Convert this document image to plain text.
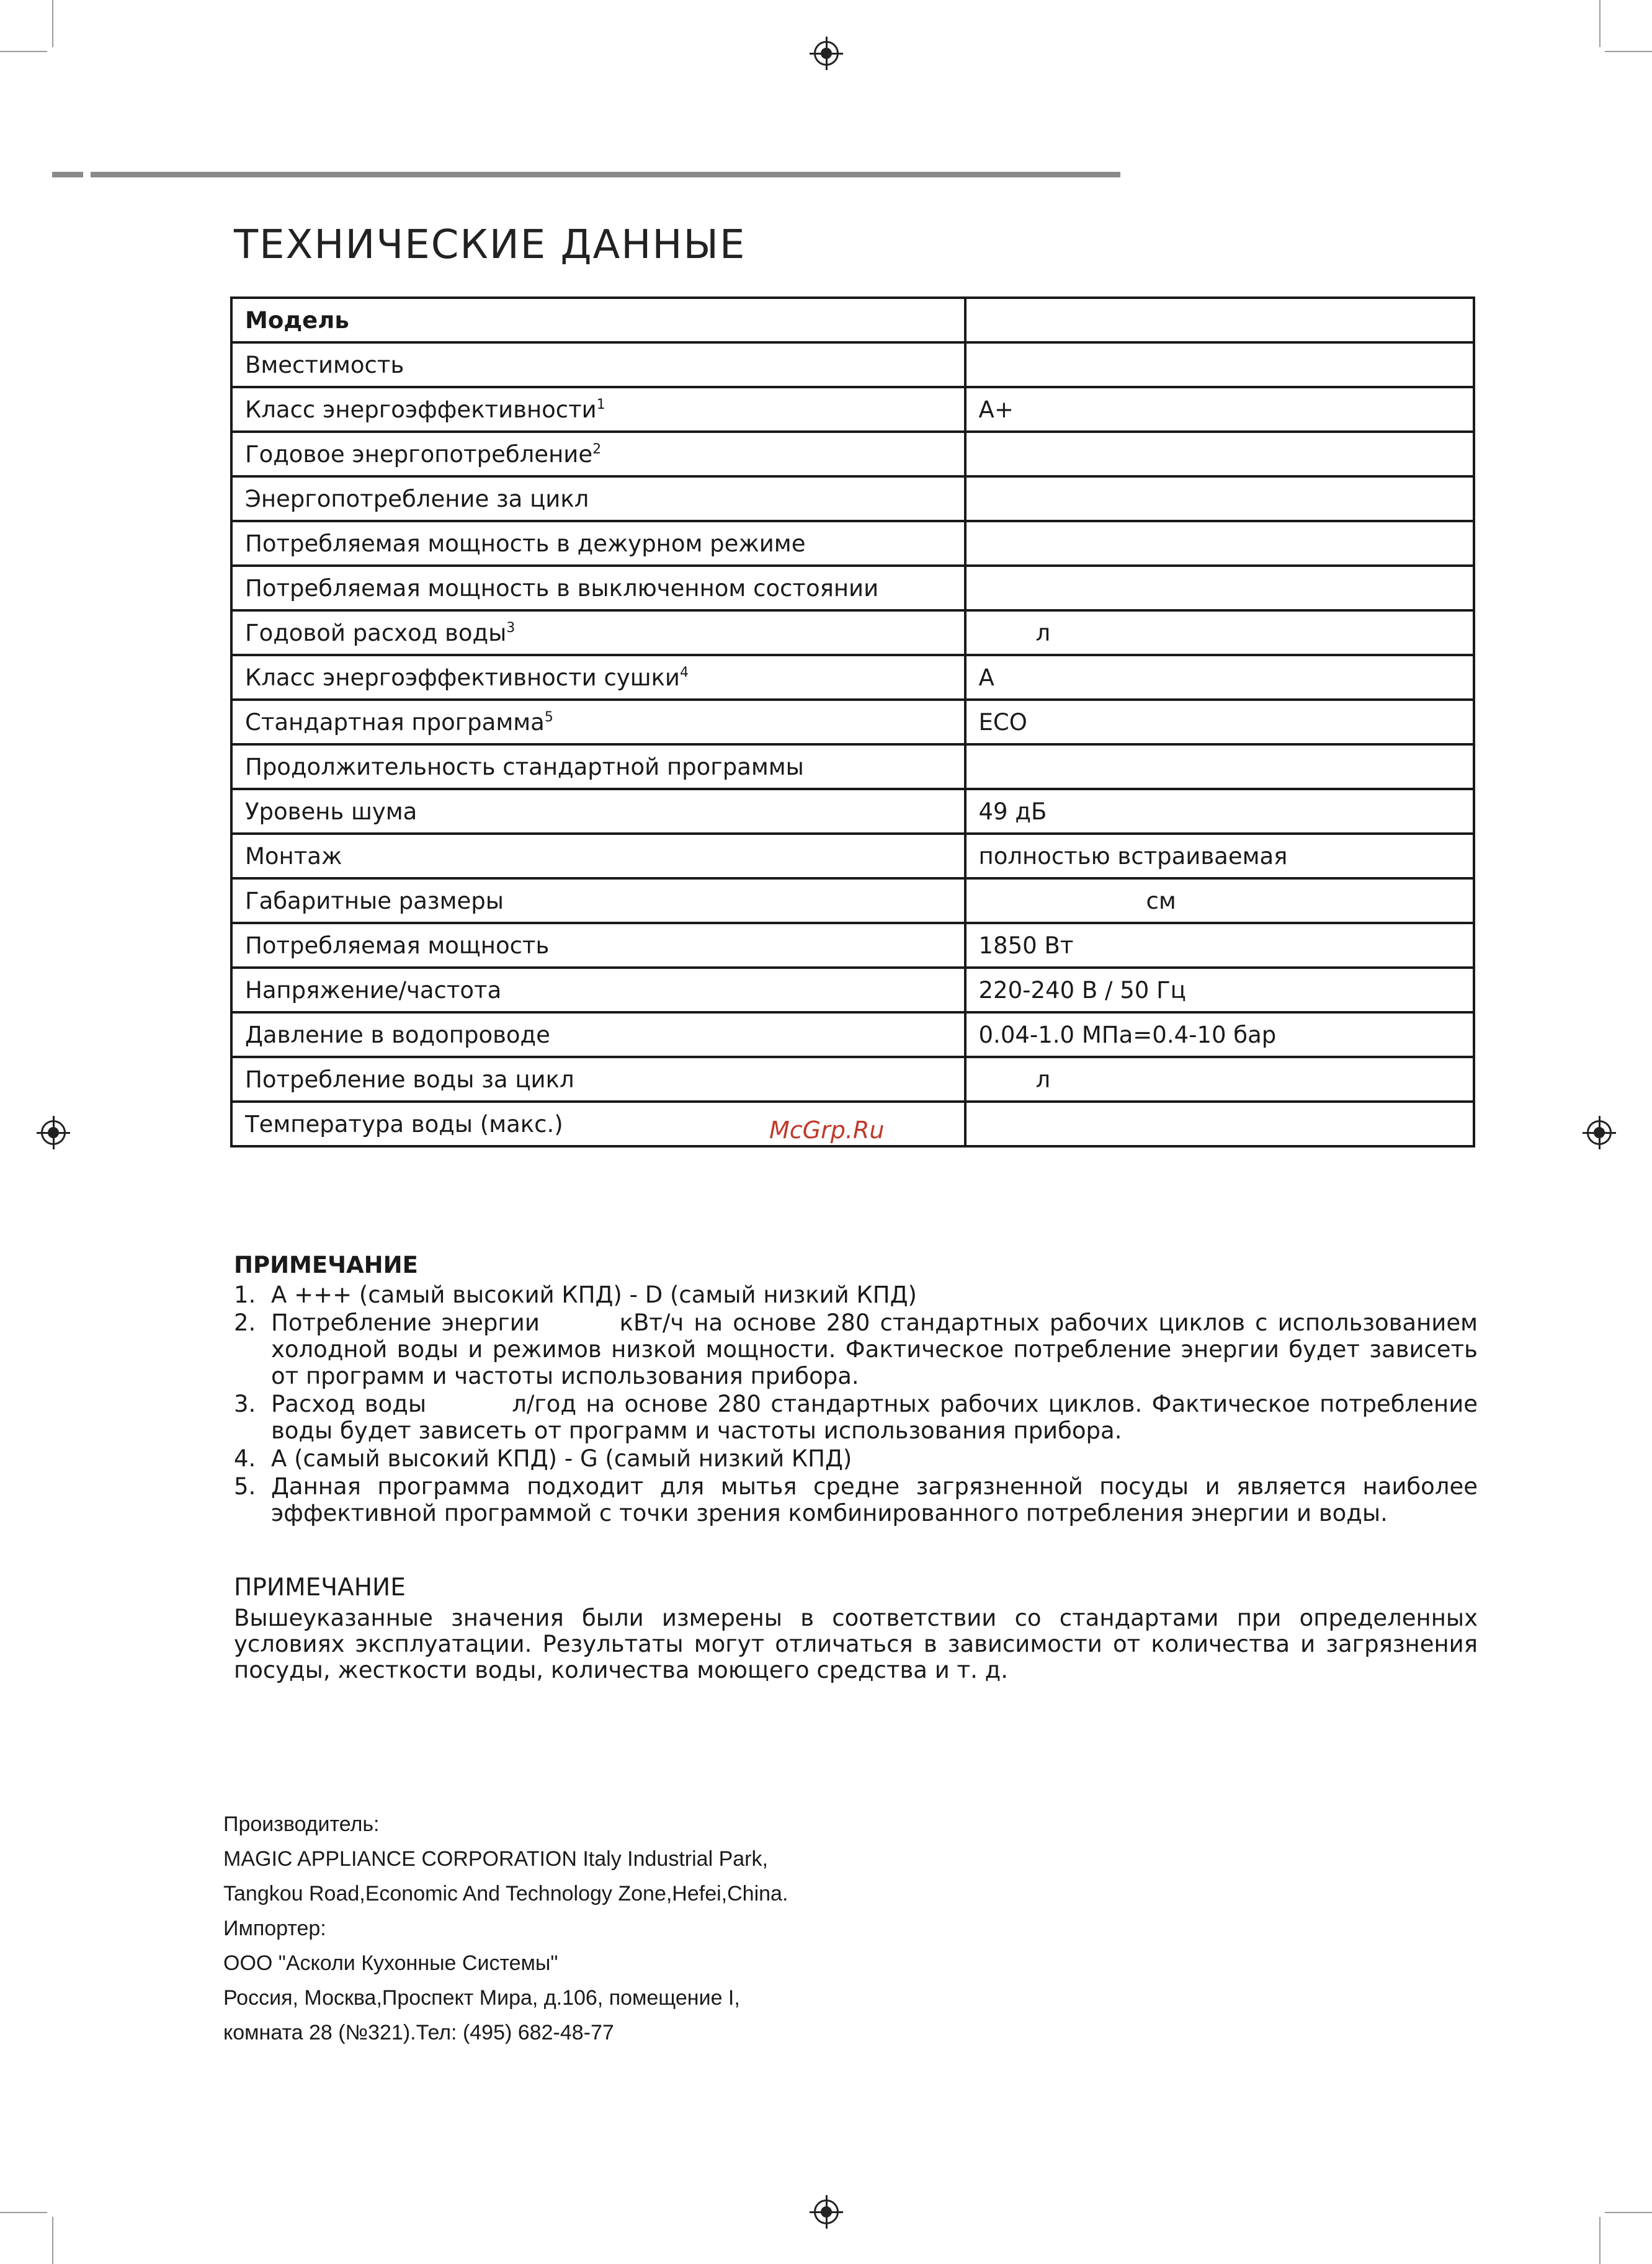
ТЕХНИЧЕСКИЕ ДАННЫЕ
Модель	
Вместимость	
Класс энергоэффективности$^1$	A+
Годовое энергопотребление$^2$	
Энергопотребление за цикл	
Потребляемая мощность в дежурном режиме	
Потребляемая мощность в выключенном состоянии	
Годовой расход воды$^3$	л
Класс энергоэффективности сушки$^4$	A
Стандартная программа$^5$	ECO
Продолжительность стандартной программы	
Уровень шума	49 дБ
Монтаж	полностью встраиваемая
Габаритные размеры	см
Потребляемая мощность	1850 Вт
Напряжение/частота	220-240 В / 50 Гц
Давление в водопроводе	0.04-1.0 МПа=0.4-10 бар
Потребление воды за цикл	л
Температура воды (макс.)		McGrp.Ru
ПРИМЕЧАНИЕ
1. A +++ (самый высокий КПД) - D (самый низкий КПД)
2. Потребление энергии        кВт/ч на основе 280 стандартных рабочих циклов с использованием холодной воды и режимов низкой мощности. Фактическое потребление энергии будет зависеть от программ и частоты использования прибора.
3. Расход воды         л/год на основе 280 стандартных рабочих циклов. Фактическое потребление воды будет зависеть от программ и частоты использования прибора.
4. A (самый высокий КПД) - G (самый низкий КПД)
5. Данная программа подходит для мытья средне загрязненной посуды и является наиболее эффективной программой с точки зрения комбинированного потребления энергии и воды.
ПРИМЕЧАНИЕ
Вышеуказанные значения были измерены в соответствии со стандартами при определенных условиях эксплуатации. Результаты могут отличаться в зависимости от количества и загрязнения посуды, жесткости воды, количества моющего средства и т. д.
Производитель:
MAGIC APPLIANCE CORPORATION Italy Industrial Park,
Tangkou Road,Economic And Technology Zone,Hefei,China.
Импортер:
ООО "Асколи Кухонные Системы"
Россия, Москва,Проспект Мира, д.106, помещение I,
комната 28 (№321).Тел: (495) 682-48-77
